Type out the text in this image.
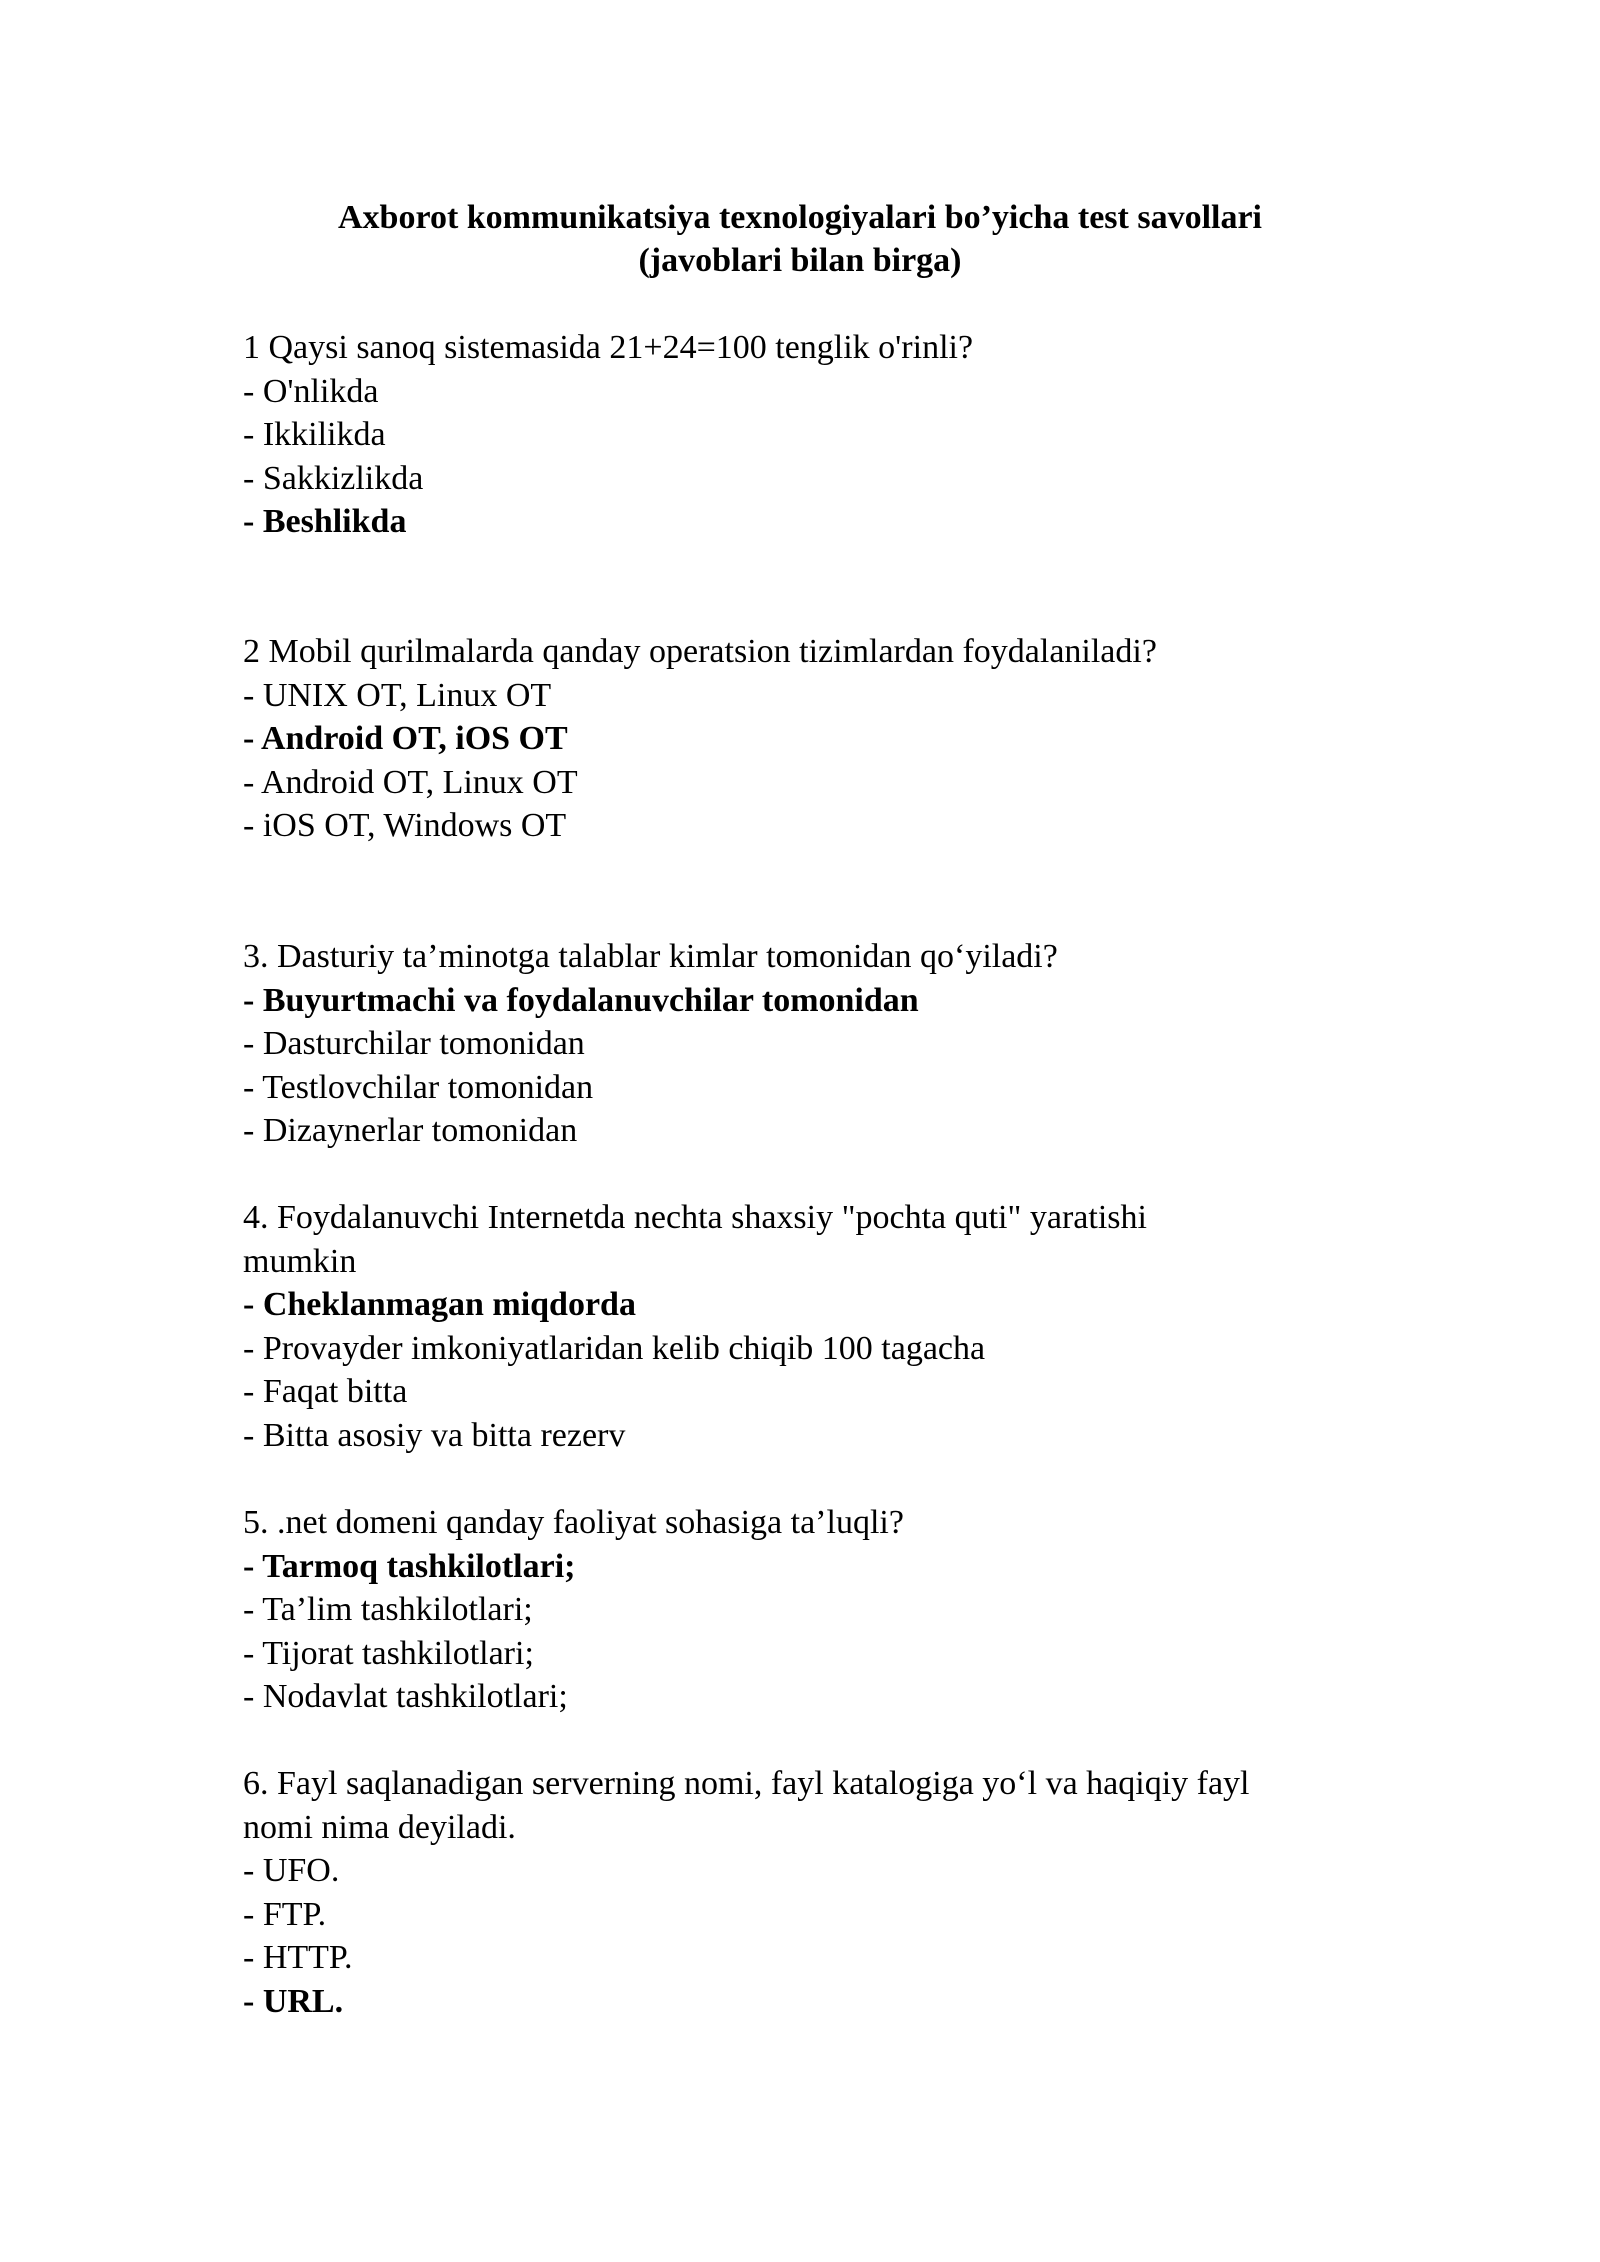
Axborot kommunikatsiya texnologiyalari bo’yicha test savollari
(javoblari bilan birga)
1 Qaysi sanoq sistemasida 21+24=100 tenglik o'rinli?
- O'nlikda
- Ikkilikda
- Sakkizlikda
- Beshlikda
2 Mobil qurilmalarda qanday operatsion tizimlardan foydalaniladi?
- UNIX OT, Linux OT
- Android OT, iOS OT
- Android OT, Linux OT
- iOS OT, Windows OT
3. Dasturiy ta’minotga talablar kimlar tomonidan qo‘yiladi?
- Buyurtmachi va foydalanuvchilar tomonidan
- Dasturchilar tomonidan
- Testlovchilar tomonidan
- Dizaynerlar tomonidan
4. Foydalanuvchi Internetda nechta shaxsiy "pochta quti" yaratishi
mumkin
- Cheklanmagan miqdorda
- Provayder imkoniyatlaridan kelib chiqib 100 tagacha
- Faqat bitta
- Bitta asosiy va bitta rezerv
5. .net domeni qanday faoliyat sohasiga ta’luqli?
- Tarmoq tashkilotlari;
- Ta’lim tashkilotlari;
- Tijorat tashkilotlari;
- Nodavlat tashkilotlari;
6. Fayl saqlanadigan serverning nomi, fayl katalogiga yo‘l va haqiqiy fayl
nomi nima deyiladi.
- UFO.
- FTP.
- HTTP.
- URL.
